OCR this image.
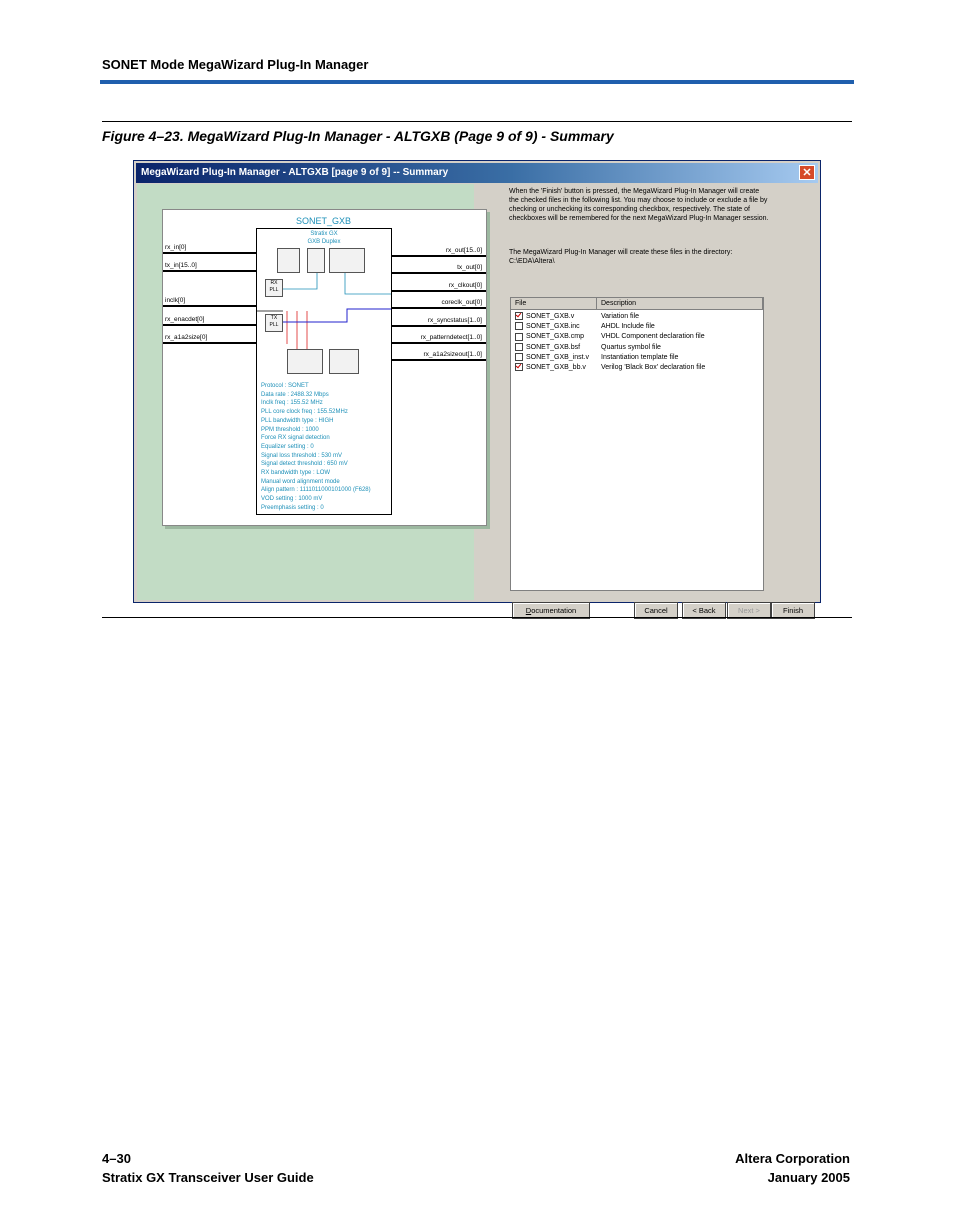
SONET Mode MegaWizard Plug-In Manager
Figure 4–23. MegaWizard Plug-In Manager - ALTGXB (Page 9 of 9) - Summary
MegaWizard Plug-In Manager - ALTGXB [page 9 of 9] -- Summary	✕
SONET_GXB
rx_in[0]
tx_in[15..0]
inclk[0]
rx_enacdet[0]
rx_a1a2size[0]
rx_out[15..0]
tx_out[0]
rx_clkout[0]
coreclk_out[0]
rx_syncstatus[1..0]
rx_patterndetect[1..0]
rx_a1a2sizeout[1..0]
Stratix GX
GXB Duplex
RX PLL
TX PLL
Protocol : SONET
Data rate : 2488.32 Mbps
Inclk freq : 155.52 MHz
PLL core clock freq : 155.52MHz
PLL bandwidth type : HIGH
PPM threshold : 1000
Force RX signal detection
Equalizer setting : 0
Signal loss threshold : 530 mV
Signal detect threshold : 650 mV
RX bandwidth type : LOW
Manual word alignment mode
Align pattern : 1111011000101000 (F628)
VOD setting : 1000 mV
Preemphasis setting : 0
When the 'Finish' button is pressed, the MegaWizard Plug-In Manager will create the checked files in the following list. You may choose to include or exclude a file by checking or unchecking its corresponding checkbox, respectively. The state of checkboxes will be remembered for the next MegaWizard Plug-In Manager session.
The MegaWizard Plug-In Manager will create these files in the directory:
C:\EDA\Altera\
File	Description
SONET_GXB.v	Variation file
SONET_GXB.inc	AHDL Include file
SONET_GXB.cmp VHDL Component declaration file
SONET_GXB.bsf	Quartus symbol file
SONET_GXB_inst.v Instantiation template file
SONET_GXB_bb.v Verilog 'Black Box' declaration file
Documentation	Cancel	< Back	Next >	Finish
4–30
Stratix GX Transceiver User Guide
Altera Corporation
January 2005
